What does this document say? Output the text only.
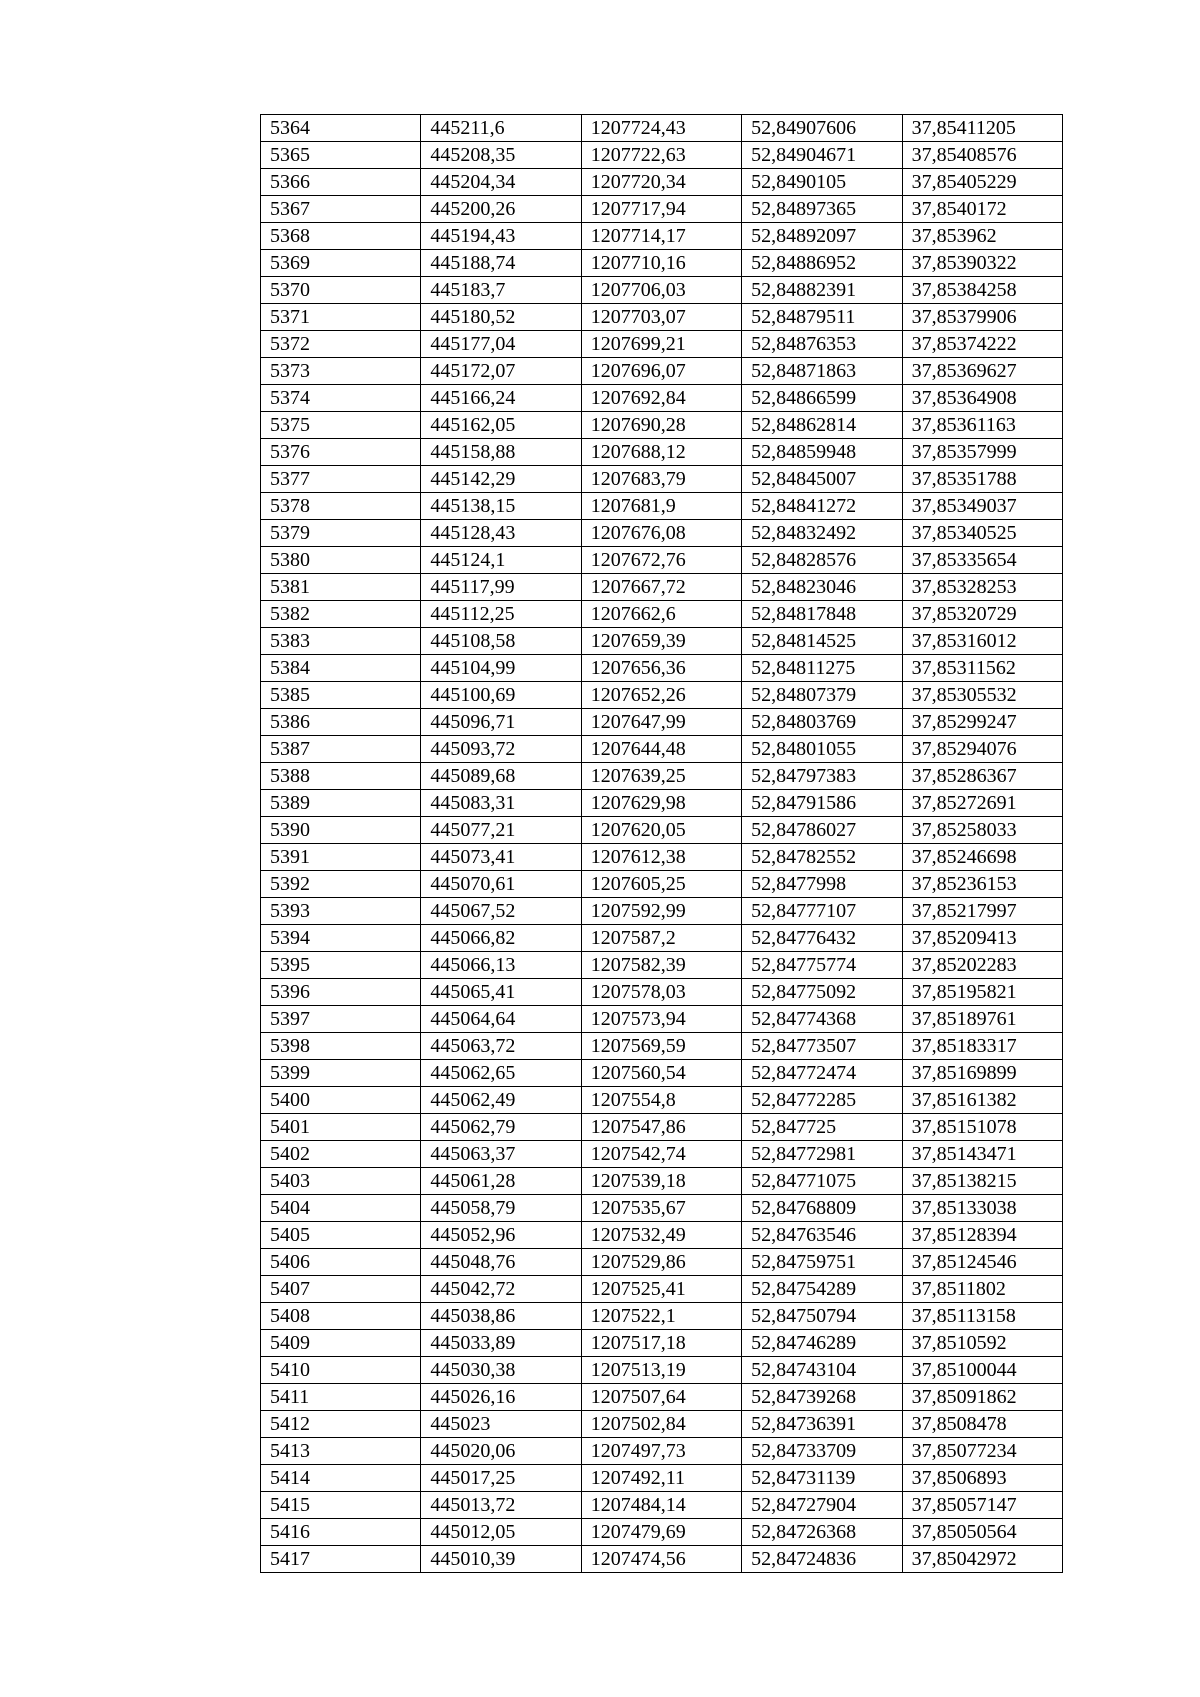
5364	445211,6	1207724,43	52,84907606	37,85411205
5365	445208,35	1207722,63	52,84904671	37,85408576
5366	445204,34	1207720,34	52,8490105	37,85405229
5367	445200,26	1207717,94	52,84897365	37,8540172
5368	445194,43	1207714,17	52,84892097	37,853962
5369	445188,74	1207710,16	52,84886952	37,85390322
5370	445183,7	1207706,03	52,84882391	37,85384258
5371	445180,52	1207703,07	52,84879511	37,85379906
5372	445177,04	1207699,21	52,84876353	37,85374222
5373	445172,07	1207696,07	52,84871863	37,85369627
5374	445166,24	1207692,84	52,84866599	37,85364908
5375	445162,05	1207690,28	52,84862814	37,85361163
5376	445158,88	1207688,12	52,84859948	37,85357999
5377	445142,29	1207683,79	52,84845007	37,85351788
5378	445138,15	1207681,9	52,84841272	37,85349037
5379	445128,43	1207676,08	52,84832492	37,85340525
5380	445124,1	1207672,76	52,84828576	37,85335654
5381	445117,99	1207667,72	52,84823046	37,85328253
5382	445112,25	1207662,6	52,84817848	37,85320729
5383	445108,58	1207659,39	52,84814525	37,85316012
5384	445104,99	1207656,36	52,84811275	37,85311562
5385	445100,69	1207652,26	52,84807379	37,85305532
5386	445096,71	1207647,99	52,84803769	37,85299247
5387	445093,72	1207644,48	52,84801055	37,85294076
5388	445089,68	1207639,25	52,84797383	37,85286367
5389	445083,31	1207629,98	52,84791586	37,85272691
5390	445077,21	1207620,05	52,84786027	37,85258033
5391	445073,41	1207612,38	52,84782552	37,85246698
5392	445070,61	1207605,25	52,8477998	37,85236153
5393	445067,52	1207592,99	52,84777107	37,85217997
5394	445066,82	1207587,2	52,84776432	37,85209413
5395	445066,13	1207582,39	52,84775774	37,85202283
5396	445065,41	1207578,03	52,84775092	37,85195821
5397	445064,64	1207573,94	52,84774368	37,85189761
5398	445063,72	1207569,59	52,84773507	37,85183317
5399	445062,65	1207560,54	52,84772474	37,85169899
5400	445062,49	1207554,8	52,84772285	37,85161382
5401	445062,79	1207547,86	52,847725	37,85151078
5402	445063,37	1207542,74	52,84772981	37,85143471
5403	445061,28	1207539,18	52,84771075	37,85138215
5404	445058,79	1207535,67	52,84768809	37,85133038
5405	445052,96	1207532,49	52,84763546	37,85128394
5406	445048,76	1207529,86	52,84759751	37,85124546
5407	445042,72	1207525,41	52,84754289	37,8511802
5408	445038,86	1207522,1	52,84750794	37,85113158
5409	445033,89	1207517,18	52,84746289	37,8510592
5410	445030,38	1207513,19	52,84743104	37,85100044
5411	445026,16	1207507,64	52,84739268	37,85091862
5412	445023	1207502,84	52,84736391	37,8508478
5413	445020,06	1207497,73	52,84733709	37,85077234
5414	445017,25	1207492,11	52,84731139	37,8506893
5415	445013,72	1207484,14	52,84727904	37,85057147
5416	445012,05	1207479,69	52,84726368	37,85050564
5417	445010,39	1207474,56	52,84724836	37,85042972
